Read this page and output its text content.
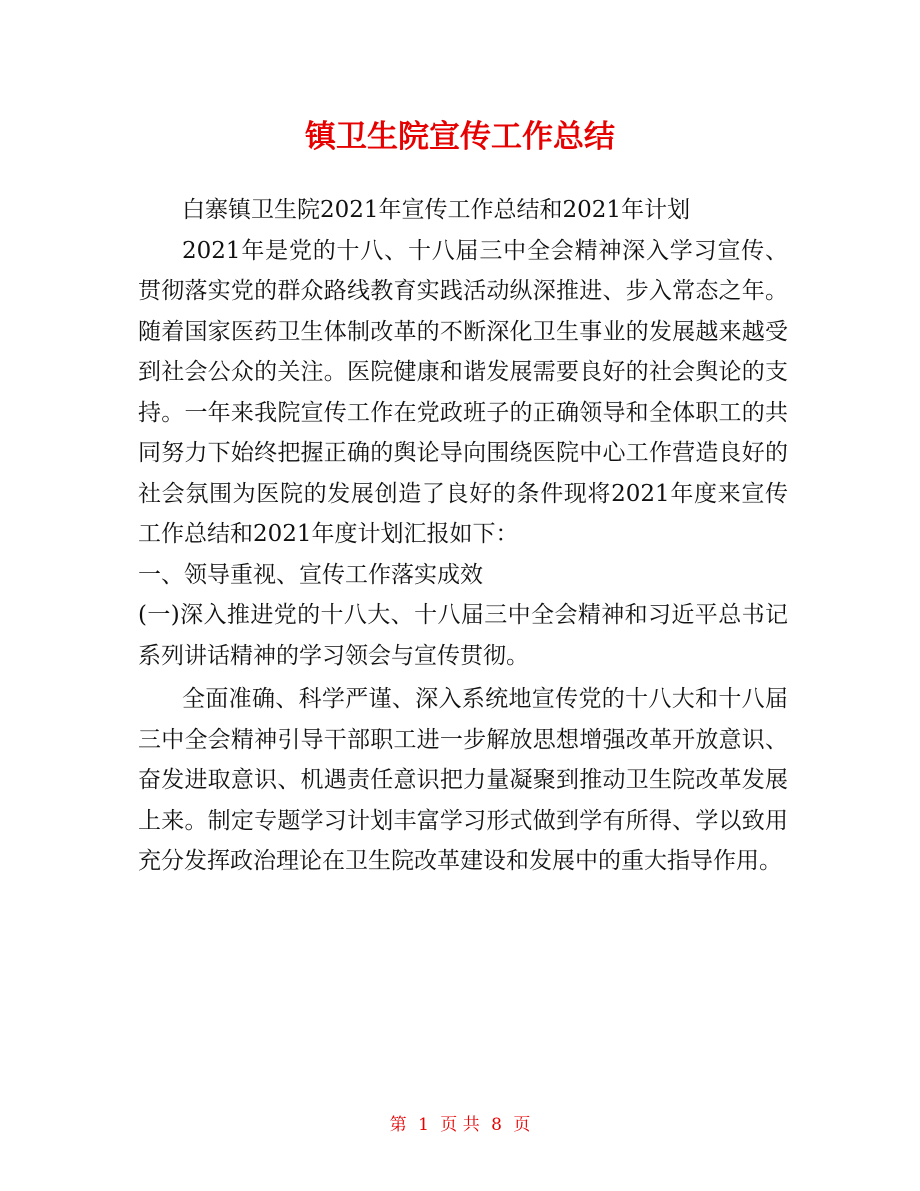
镇卫生院宣传工作总结

白寨镇卫生院2021年宣传工作总结和2021年计划

2021年是党的十八、十八届三中全会精神深入学习宣传、贯彻落实党的群众路线教育实践活动纵深推进、步入常态之年。随着国家医药卫生体制改革的不断深化卫生事业的发展越来越受到社会公众的关注。医院健康和谐发展需要良好的社会舆论的支持。一年来我院宣传工作在党政班子的正确领导和全体职工的共同努力下始终把握正确的舆论导向围绕医院中心工作营造良好的社会氛围为医院的发展创造了良好的条件现将2021年度来宣传工作总结和2021年度计划汇报如下：

一、领导重视、宣传工作落实成效

(一)深入推进党的十八大、十八届三中全会精神和习近平总书记系列讲话精神的学习领会与宣传贯彻。

全面准确、科学严谨、深入系统地宣传党的十八大和十八届三中全会精神引导干部职工进一步解放思想增强改革开放意识、奋发进取意识、机遇责任意识把力量凝聚到推动卫生院改革发展上来。制定专题学习计划丰富学习形式做到学有所得、学以致用充分发挥政治理论在卫生院改革建设和发展中的重大指导作用。

第 1 页 共 8 页
